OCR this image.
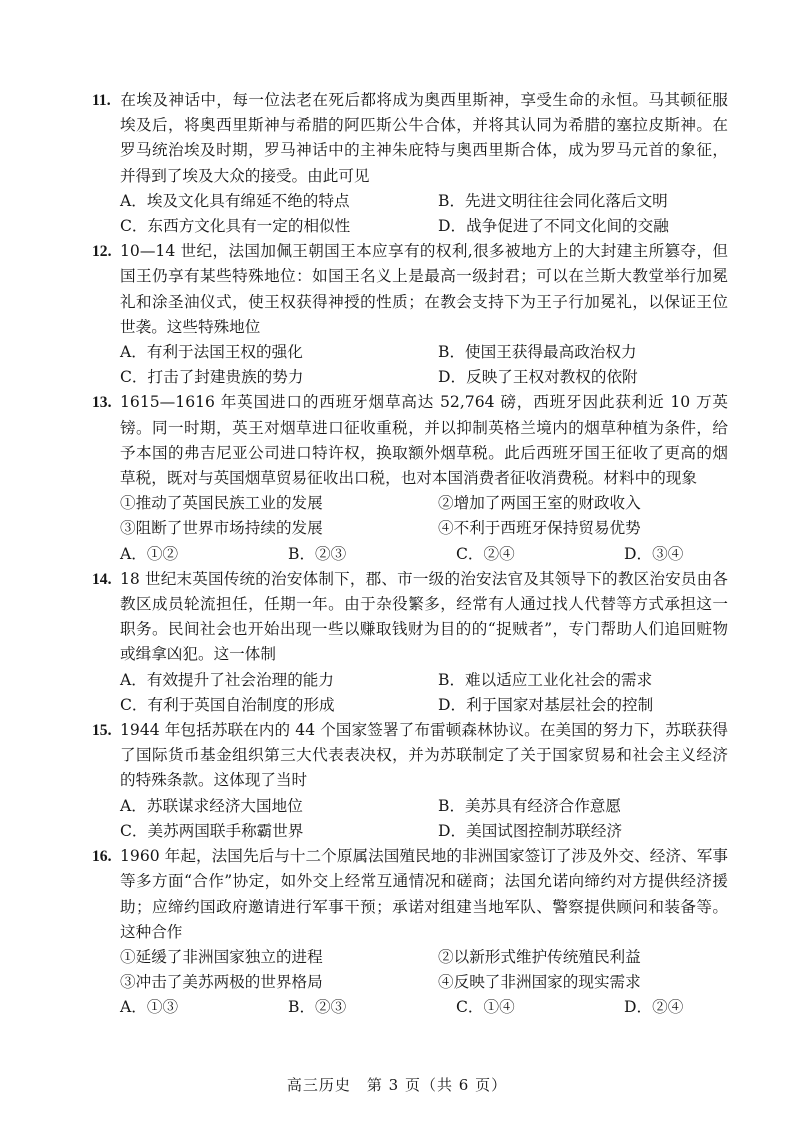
11. 在埃及神话中，每一位法老在死后都将成为奥西里斯神，享受生命的永恒。马其顿征服埃及后，将奥西里斯神与希腊的阿匹斯公牛合体，并将其认同为希腊的塞拉皮斯神。在罗马统治埃及时期，罗马神话中的主神朱庇特与奥西里斯合体，成为罗马元首的象征，并得到了埃及大众的接受。由此可见
A．埃及文化具有绵延不绝的特点	B．先进文明往往会同化落后文明
C．东西方文化具有一定的相似性	D．战争促进了不同文化间的交融
12. 10—14 世纪，法国加佩王朝国王本应享有的权利,很多被地方上的大封建主所篡夺，但国王仍享有某些特殊地位：如国王名义上是最高一级封君；可以在兰斯大教堂举行加冕礼和涂圣油仪式，使王权获得神授的性质；在教会支持下为王子行加冕礼，以保证王位世袭。这些特殊地位
A．有利于法国王权的强化	B．使国王获得最高政治权力
C．打击了封建贵族的势力	D．反映了王权对教权的依附
13. 1615—1616 年英国进口的西班牙烟草高达 52,764 磅，西班牙因此获利近 10 万英镑。同一时期，英王对烟草进口征收重税，并以抑制英格兰境内的烟草种植为条件，给予本国的弗吉尼亚公司进口特许权，换取额外烟草税。此后西班牙国王征收了更高的烟草税，既对与英国烟草贸易征收出口税，也对本国消费者征收消费税。材料中的现象
①推动了英国民族工业的发展	②增加了两国王室的财政收入
③阻断了世界市场持续的发展	④不利于西班牙保持贸易优势
A．①②	B．②③	C．②④	D．③④
14. 18 世纪末英国传统的治安体制下，郡、市一级的治安法官及其领导下的教区治安员由各教区成员轮流担任，任期一年。由于杂役繁多，经常有人通过找人代替等方式承担这一职务。民间社会也开始出现一些以赚取钱财为目的的“捉贼者”，专门帮助人们追回赃物或缉拿凶犯。这一体制
A．有效提升了社会治理的能力	B．难以适应工业化社会的需求
C．有利于英国自治制度的形成	D．利于国家对基层社会的控制
15. 1944 年包括苏联在内的 44 个国家签署了布雷顿森林协议。在美国的努力下，苏联获得了国际货币基金组织第三大代表表决权，并为苏联制定了关于国家贸易和社会主义经济的特殊条款。这体现了当时
A．苏联谋求经济大国地位	B．美苏具有经济合作意愿
C．美苏两国联手称霸世界	D．美国试图控制苏联经济
16. 1960 年起，法国先后与十二个原属法国殖民地的非洲国家签订了涉及外交、经济、军事等多方面“合作”协定，如外交上经常互通情况和磋商；法国允诺向缔约对方提供经济援助；应缔约国政府邀请进行军事干预；承诺对组建当地军队、警察提供顾问和装备等。这种合作
①延缓了非洲国家独立的进程	②以新形式维护传统殖民利益
③冲击了美苏两极的世界格局	④反映了非洲国家的现实需求
A．①③	B．②③	C．①④	D．②④
高三历史　第 3 页（共 6 页）
